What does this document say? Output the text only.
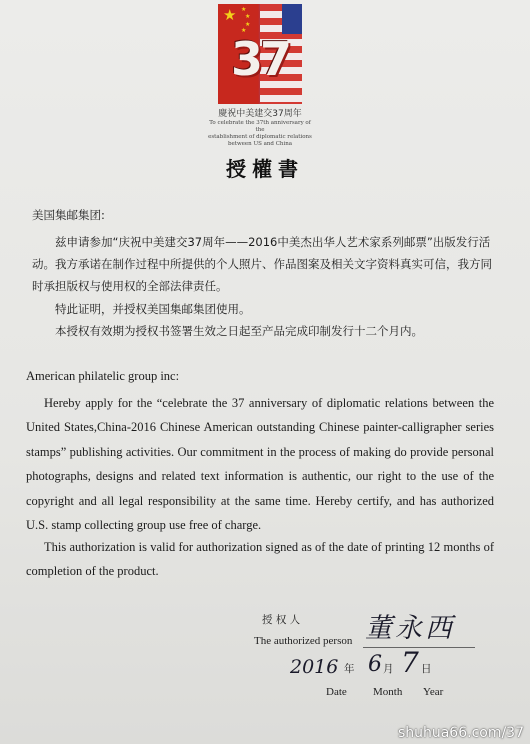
★ ★
★
★
★
37
慶祝中美建交37周年
To celebrate the 37th anniversary of the
establishment of diplomatic relations
between US and China
授權書
美国集邮集团:
兹申请参加“庆祝中美建交37周年——2016中美杰出华人艺术家系列邮票”出版发行活动。我方承诺在制作过程中所提供的个人照片、作品图案及相关文字资料真实可信，我方同时承担版权与使用权的全部法律责任。
特此证明，并授权美国集邮集团使用。
本授权有效期为授权书签署生效之日起至产品完成印制发行十二个月内。
American philatelic group inc:
Hereby apply for the “celebrate the 37 anniversary of diplomatic relations between the United States,China-2016 Chinese American outstanding Chinese painter-calligrapher series stamps” publishing activities. Our commitment in the process of making do provide personal photographs, designs and related text information is authentic, our right to the use of the copyright and all legal responsibility at the same time. Hereby certify, and has authorized U.S. stamp collecting group use free of charge.
This authorization is valid for authorization signed as of the date of printing 12 months of completion of the product.
授 权 人
The authorized person 董永西
2016 年 6 月 7 日
Date Month Year
shuhua66.com/37
